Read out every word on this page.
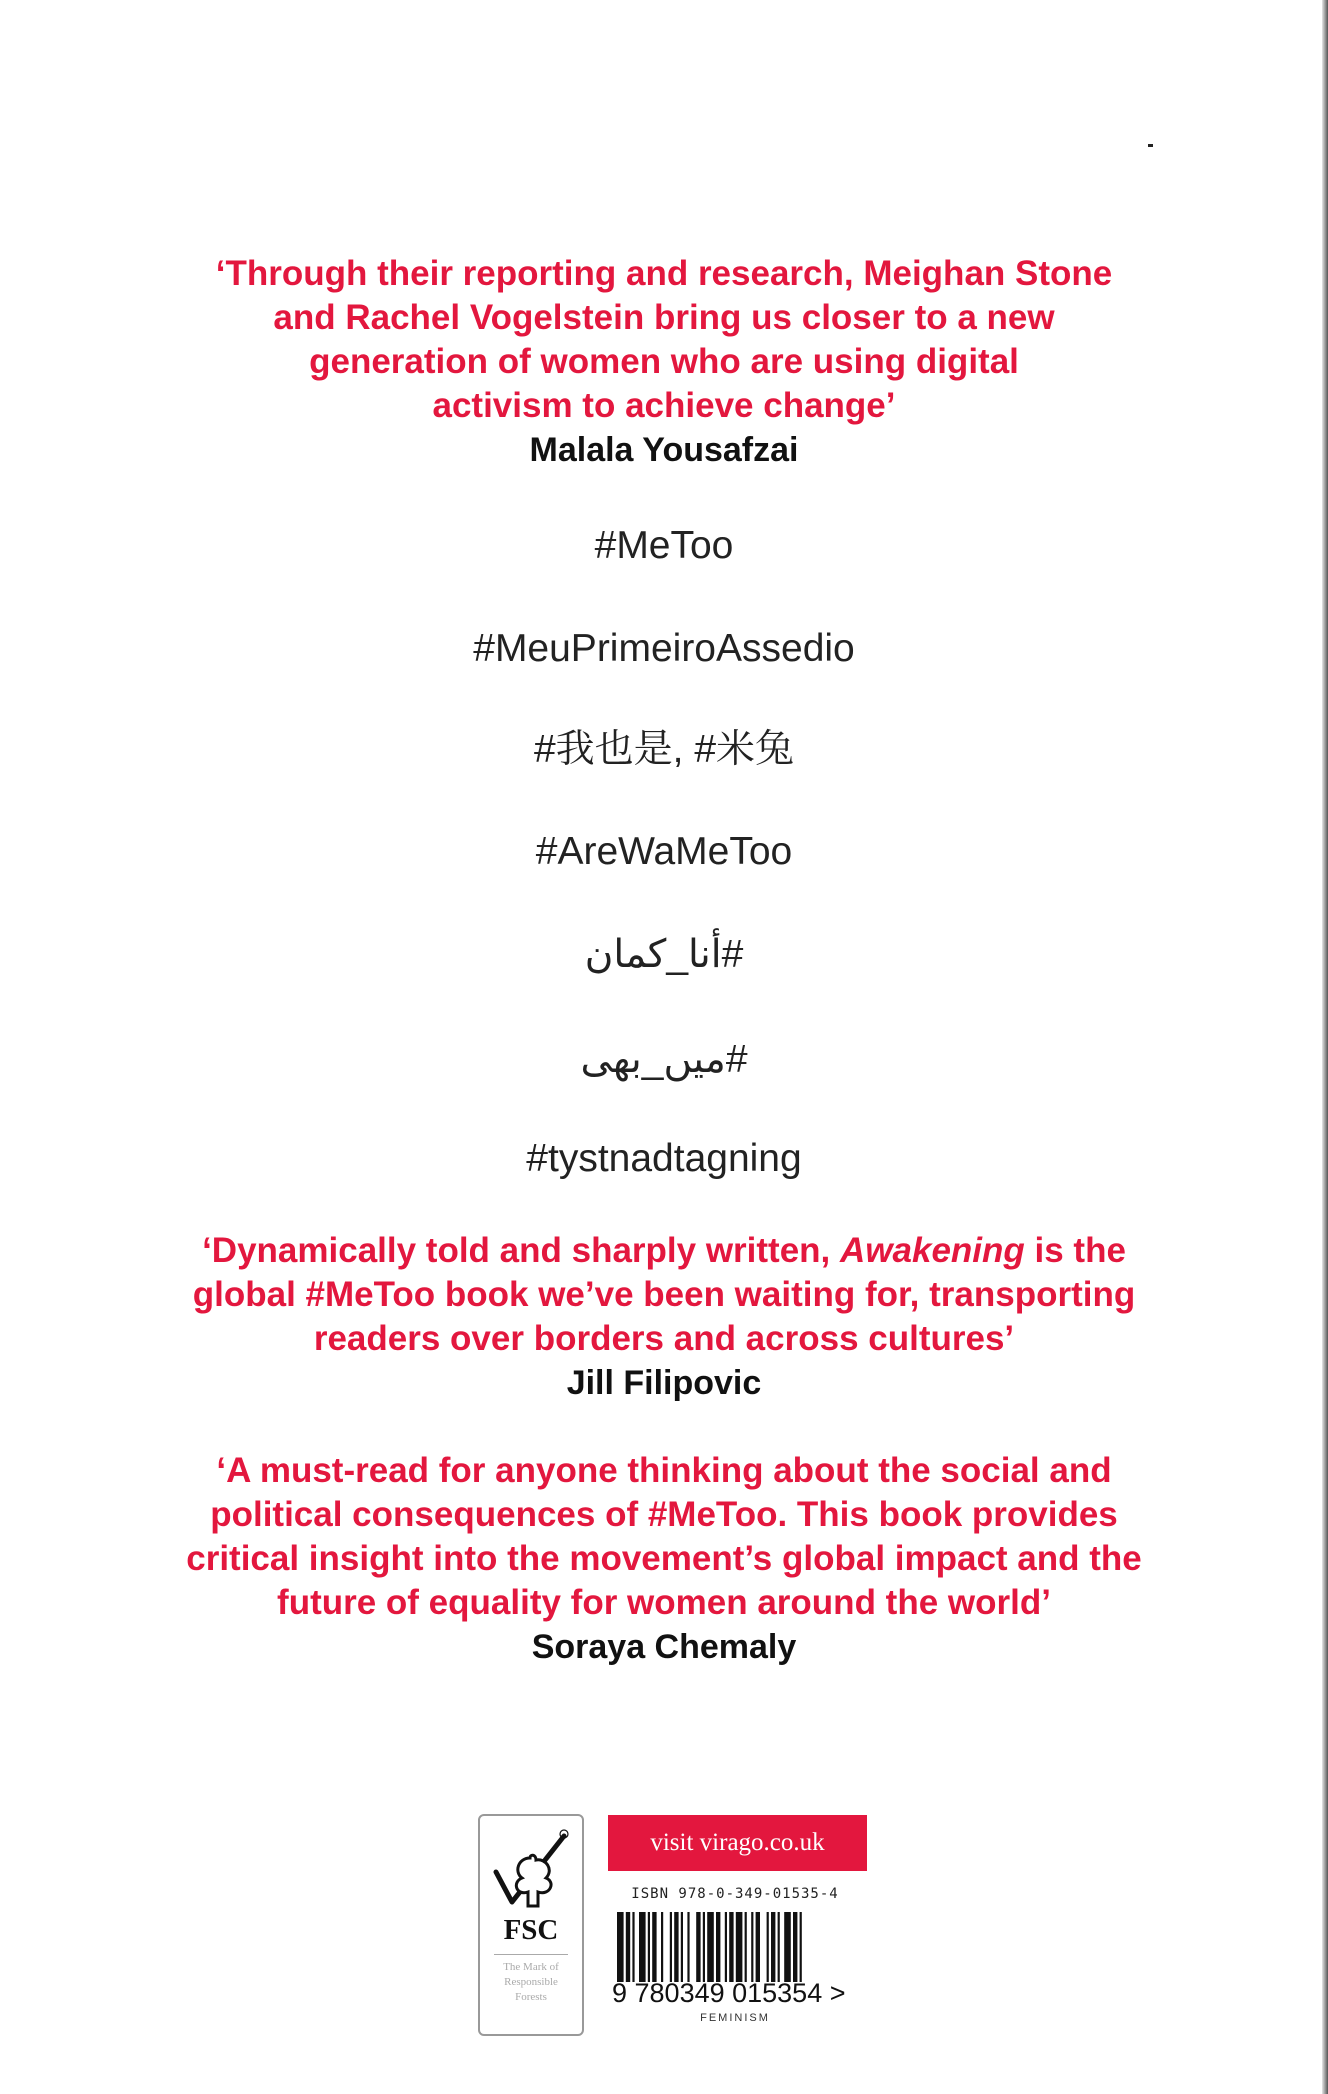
‘Through their reporting and research, Meighan Stone
and Rachel Vogelstein bring us closer to a new
generation of women who are using digital
activism to achieve change’
Malala Yousafzai
#MeToo
#MeuPrimeiroAssedio
#我也是, #米兔
#AreWaMeToo
#أنا_كمان
#میں_بھی
#tystnadtagning
‘Dynamically told and sharply written, Awakening is the
global #MeToo book we’ve been waiting for, transporting
readers over borders and across cultures’
Jill Filipovic
‘A must-read for anyone thinking about the social and
political consequences of #MeToo. This book provides
critical insight into the movement’s global impact and the
future of equality for women around the world’
Soraya Chemaly
FSC
The Mark of
Responsible
Forests
visit virago.co.uk
ISBN 978-0-349-01535-4
9 780349 015354 >
FEMINISM
